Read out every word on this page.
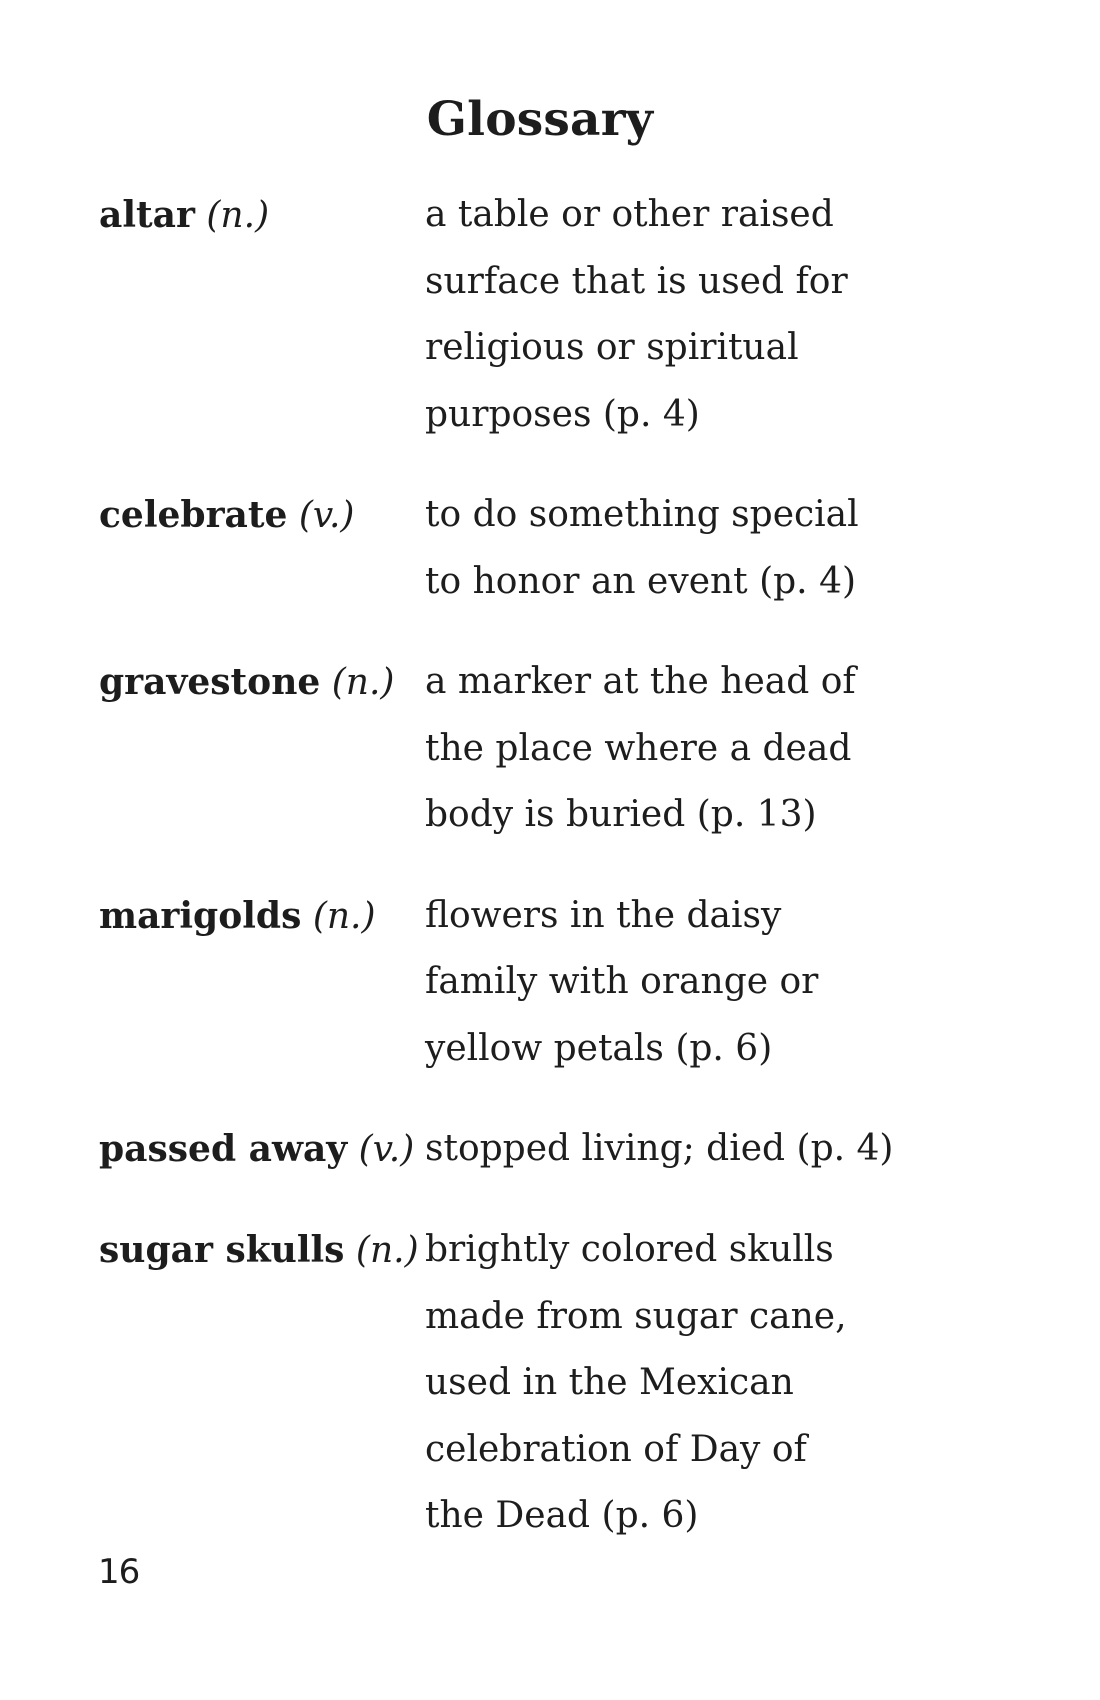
Glossary
altar (n.)	a table or other raised
surface that is used for
religious or spiritual
purposes (p. 4)
celebrate (v.)	to do something special
to honor an event (p. 4)
gravestone (n.) a marker at the head of
the place where a dead
body is buried (p. 13)
marigolds (n.)	flowers in the daisy
family with orange or
yellow petals (p. 6)
passed away (v.) stopped living; died (p. 4)
sugar skulls (n.) brightly colored skulls
made from sugar cane,
used in the Mexican
celebration of Day of
the Dead (p. 6)
16
